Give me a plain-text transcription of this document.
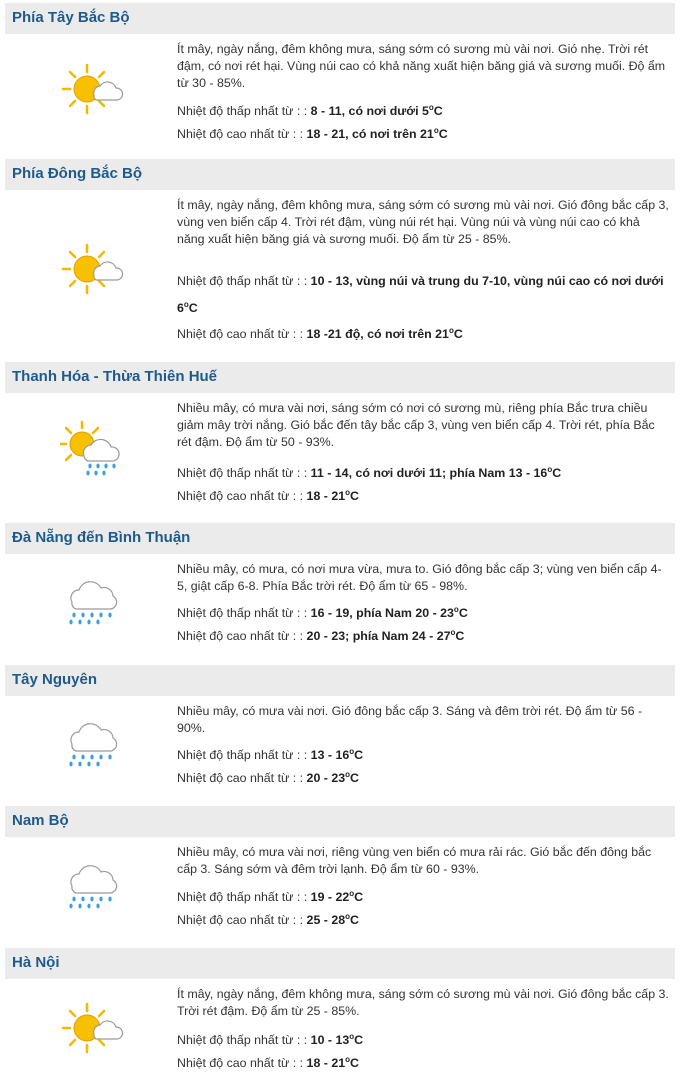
Phía Tây Bắc Bộ
Ít mây, ngày nắng, đêm không mưa, sáng sớm có sương mù vài nơi. Gió nhẹ. Trời rét đậm, có nơi rét hại. Vùng núi cao có khả năng xuất hiện băng giá và sương muối. Độ ẩm từ 30 - 85%.
Nhiệt độ thấp nhất từ : : 8 - 11, có nơi dưới 5$^o$C
Nhiệt độ cao nhất từ : : 18 - 21, có nơi trên 21$^o$C
Phía Đông Bắc Bộ
Ít mây, ngày nắng, đêm không mưa, sáng sớm có sương mù vài nơi. Gió đông bắc cấp 3, vùng ven biển cấp 4. Trời rét đậm, vùng núi rét hại. Vùng núi và vùng núi cao có khả năng xuất hiện băng giá và sương muối. Độ ẩm từ 25 - 85%.
Nhiệt độ thấp nhất từ : : 10 - 13, vùng núi và trung du 7-10, vùng núi cao có nơi dưới 6$^o$C
Nhiệt độ cao nhất từ : : 18 -21 độ, có nơi trên 21$^o$C
Thanh Hóa - Thừa Thiên Huế
Nhiều mây, có mưa vài nơi, sáng sớm có nơi có sương mù, riêng phía Bắc trưa chiều giảm mây trời nắng. Gió bắc đến tây bắc cấp 3, vùng ven biển cấp 4. Trời rét, phía Bắc rét đậm. Độ ẩm từ 50 - 93%.
Nhiệt độ thấp nhất từ : : 11 - 14, có nơi dưới 11; phía Nam 13 - 16$^o$C
Nhiệt độ cao nhất từ : : 18 - 21$^o$C
Đà Nẵng đến Bình Thuận
Nhiều mây, có mưa, có nơi mưa vừa, mưa to. Gió đông bắc cấp 3; vùng ven biển cấp 4-5, giật cấp 6-8. Phía Bắc trời rét. Độ ẩm từ 65 - 98%.
Nhiệt độ thấp nhất từ : : 16 - 19, phía Nam 20 - 23$^o$C
Nhiệt độ cao nhất từ : : 20 - 23; phía Nam 24 - 27$^o$C
Tây Nguyên
Nhiều mây, có mưa vài nơi. Gió đông bắc cấp 3. Sáng và đêm trời rét. Độ ẩm từ 56 - 90%.
Nhiệt độ thấp nhất từ : : 13 - 16$^o$C
Nhiệt độ cao nhất từ : : 20 - 23$^o$C
Nam Bộ
Nhiều mây, có mưa vài nơi, riêng vùng ven biển có mưa rải rác. Gió bắc đến đông bắc cấp 3. Sáng sớm và đêm trời lạnh. Độ ẩm từ 60 - 93%.
Nhiệt độ thấp nhất từ : : 19 - 22$^o$C
Nhiệt độ cao nhất từ : : 25 - 28$^o$C
Hà Nội
Ít mây, ngày nắng, đêm không mưa, sáng sớm có sương mù vài nơi. Gió đông bắc cấp 3. Trời rét đậm. Độ ẩm từ 25 - 85%.
Nhiệt độ thấp nhất từ : : 10 - 13$^o$C
Nhiệt độ cao nhất từ : : 18 - 21$^o$C
